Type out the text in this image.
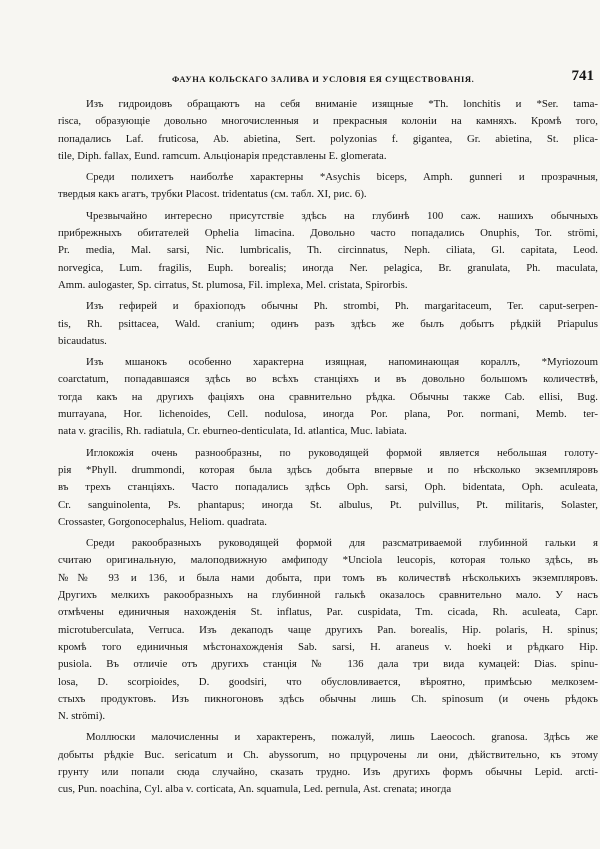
ФАУНА КОЛЬСКАГО ЗАЛИВА И УСЛОВІЯ ЕЯ СУЩЕСТВОВАНІЯ.	741
Изъ гидроидовъ обращаютъ на себя вниманіе изящные *Th. lonchitis и *Ser. tama-
risca, образующіе довольно многочисленныя и прекрасныя колоніи на камняхъ. Кромѣ того,
попадались Laf. fruticosa, Ab. abietina, Sert. polyzonias f. gigantea, Gr. abietina, St. plica-
tile, Diph. fallax, Eund. ramcum. Альціонарія представлены E. glomerata.
Среди полихетъ наиболѣе характерны *Asychis biceps, Amph. gunneri и прозрачныя,
твердыя какъ агатъ, трубки Placost. tridentatus (см. табл. XI, рис. 6).
Чрезвычайно интересно присутствіе здѣсь на глубинѣ 100 саж. нашихъ обычныхъ
прибрежныхъ обитателей Ophelia limacina. Довольно часто попадались Onuphis, Tor. strömi,
Pr. media, Mal. sarsi, Nic. lumbricalis, Th. circinnatus, Neph. ciliata, Gl. capitata, Leod.
norvegica, Lum. fragilis, Euph. borealis; иногда Ner. pelagica, Br. granulata, Ph. maculata,
Amm. aulogaster, Sp. cirratus, St. plumosa, Fil. implexa, Mel. cristata, Spirorbis.
Изъ гефирей и брахіоподъ обычны Ph. strombi, Ph. margaritaceum, Ter. caput-serpen-
tis, Rh. psittacea, Wald. cranium; одинъ разъ здѣсь же былъ добытъ рѣдкій Priapulus
bicaudatus.
Изъ мшанокъ особенно характерна изящная, напоминающая кораллъ, *Myriozoum
coarctatum, попадавшаяся здѣсь во всѣхъ станціяхъ и въ довольно большомъ количествѣ,
тогда какъ на другихъ фаціяхъ она сравнительно рѣдка. Обычны также Cab. ellisi, Bug.
murrayana, Hor. lichenoides, Cell. nodulosa, иногда Por. plana, Por. normani, Memb. ter-
nata v. gracilis, Rh. radiatula, Cr. eburneo-denticulata, Id. atlantica, Muc. labiata.
Иглокожія очень разнообразны, по руководящей формой является небольшая голоту-
рія *Phyll. drummondi, которая была здѣсь добыта впервые и по нѣсколько экземпляровъ
въ трехъ станціяхъ. Часто попадались здѣсь Oph. sarsi, Oph. bidentata, Oph. aculeata,
Cr. sanguinolenta, Ps. phantapus; иногда St. albulus, Pt. pulvillus, Pt. militaris, Solaster,
Crossaster, Gorgonocephalus, Heliom. quadrata.
Среди ракообразныхъ руководящей формой для разсматриваемой глубинной гальки я
считаю оригинальную, малоподвижную амфиподу *Unciola leucopis, которая только здѣсь, въ
№№ 93 и 136, и была нами добыта, при томъ въ количествѣ нѣсколькихъ экземпляровъ.
Другихъ мелкихъ ракообразныхъ на глубинной галькѣ оказалось сравнительно мало. У насъ
отмѣчены единичныя нахожденія St. inflatus, Par. cuspidata, Tm. cicada, Rh. aculeata, Capr.
microtuberculata, Verruca. Изъ декаподъ чаще другихъ Pan. borealis, Hip. polaris, H. spinus;
кромѣ того единичныя мѣстонахожденія Sab. sarsi, H. araneus v. hoeki и рѣдкаго Hip.
pusiola. Въ отличіе отъ другихъ станція № 136 дала три вида кумацей: Dias. spinu-
losa, D. scorpioides, D. goodsiri, что обусловливается, вѣроятно, примѣсью мелкозем-
стыхъ продуктовъ. Изъ пикногоновъ здѣсь обычны лишь Ch. spinosum (и очень рѣдокъ
N. strömi).
Моллюски малочисленны и характеренъ, пожалуй, лишь Laeococh. granosa. Здѣсь же
добыты рѣдкіе Buc. sericatum и Ch. abyssorum, но прцурочены ли они, дѣйствительно, къ этому
грунту или попали сюда случайно, сказать трудно. Изъ другихъ формъ обычны Lepid. arcti-
cus, Pun. noachina, Cyl. alba v. corticata, An. squamula, Led. pernula, Ast. crenata; иногда
